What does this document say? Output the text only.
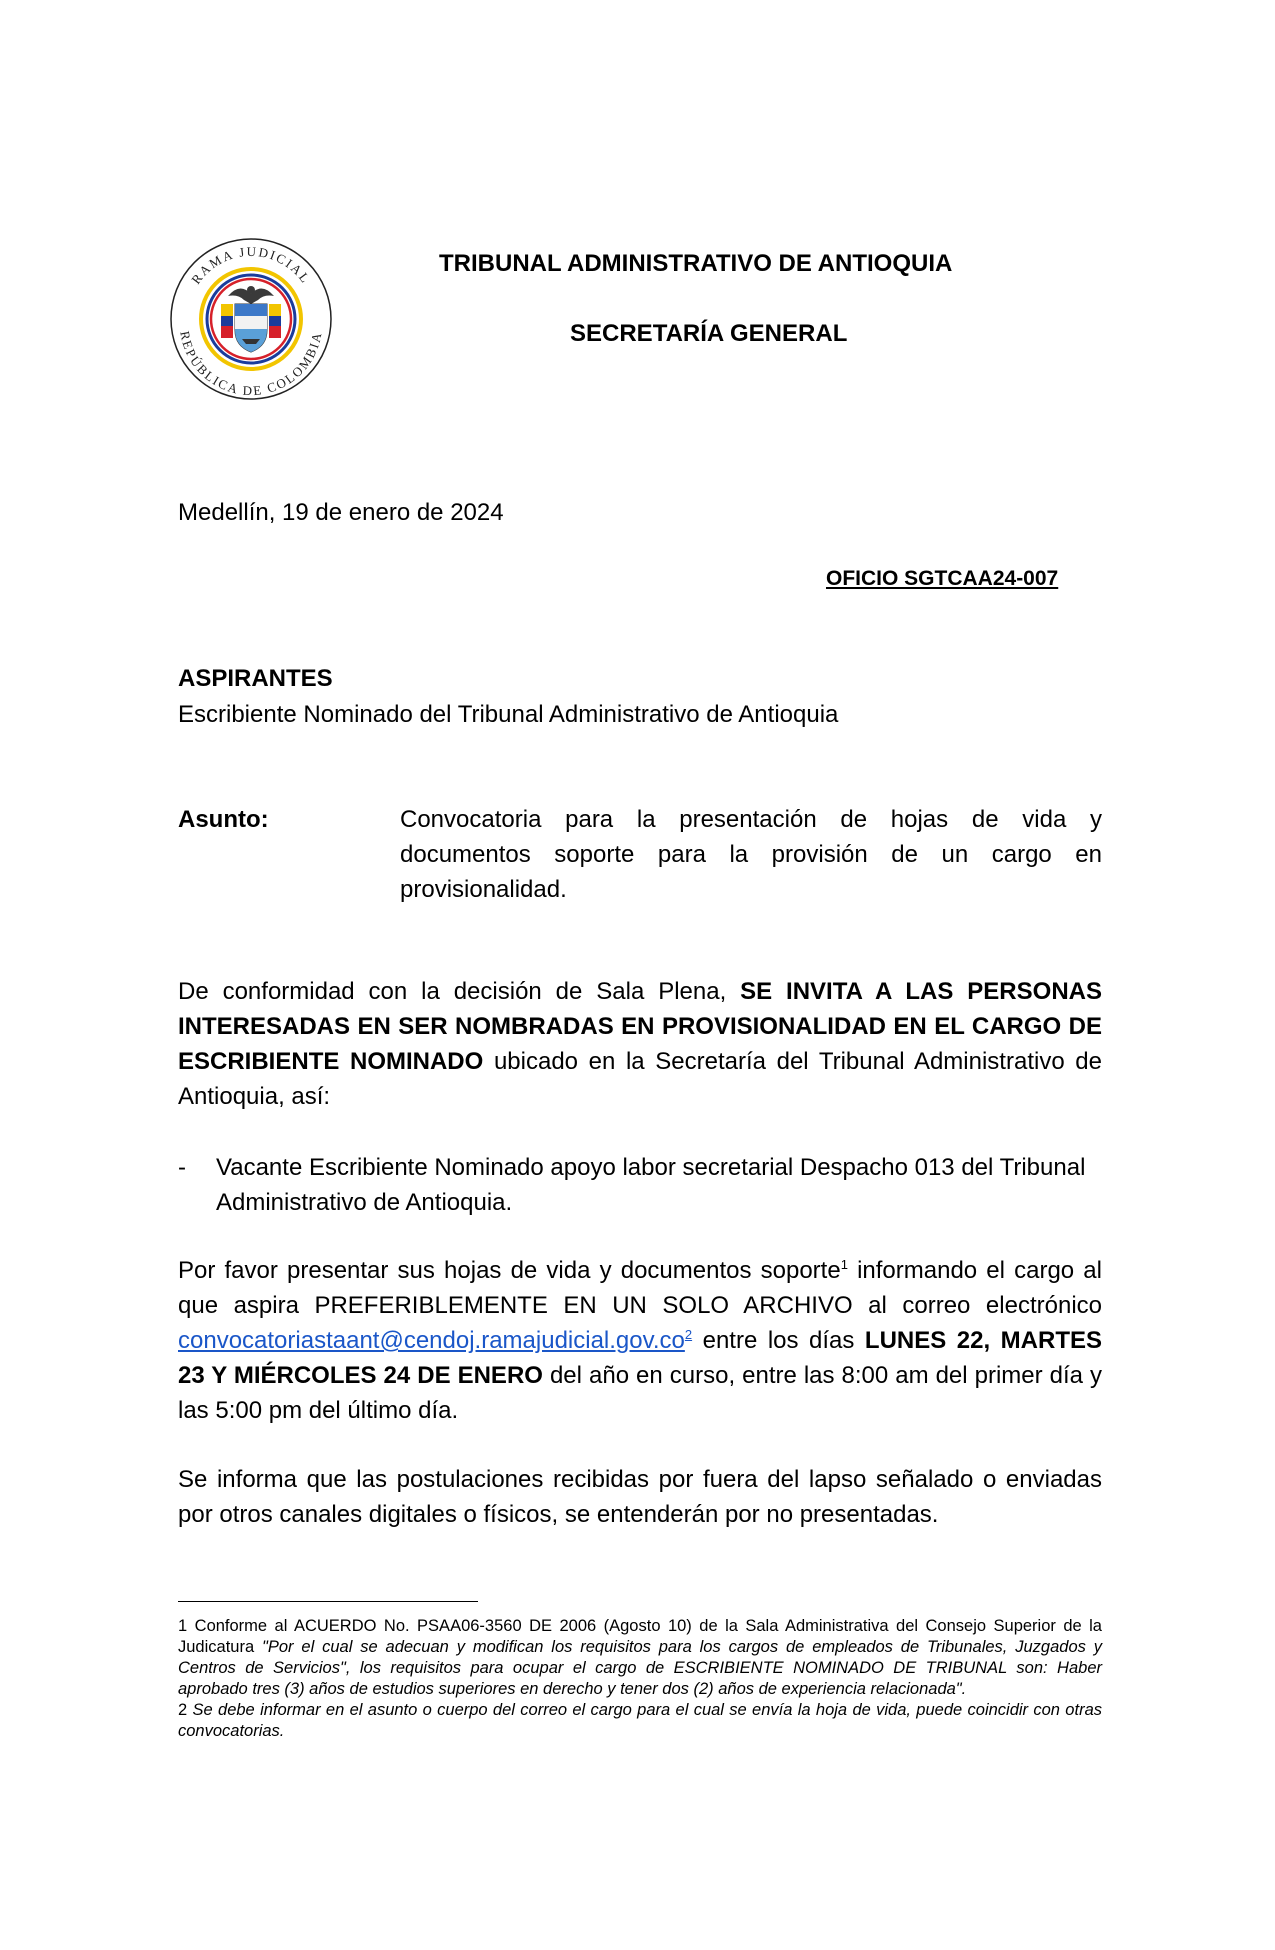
RAMA JUDICIAL
REPÚBLICA DE COLOMBIA
TRIBUNAL ADMINISTRATIVO DE ANTIOQUIA
SECRETARÍA GENERAL
Medellín, 19 de enero de 2024
OFICIO SGTCAA24-007
ASPIRANTES
Escribiente Nominado del Tribunal Administrativo de Antioquia
Asunto:	Convocatoria para la presentación de hojas de vida y documentos soporte para la provisión de un cargo en provisionalidad.
De conformidad con la decisión de Sala Plena, SE INVITA A LAS PERSONAS INTERESADAS EN SER NOMBRADAS EN PROVISIONALIDAD EN EL CARGO DE ESCRIBIENTE NOMINADO ubicado en la Secretaría del Tribunal Administrativo de Antioquia, así:
- Vacante Escribiente Nominado apoyo labor secretarial Despacho 013 del Tribunal Administrativo de Antioquia.
Por favor presentar sus hojas de vida y documentos soporte$^1$ informando el cargo al que aspira PREFERIBLEMENTE EN UN SOLO ARCHIVO al correo electrónico $convocatoriastaant@cendoj.ramajudicial.gov.co^2$ entre los días LUNES 22, MARTES 23 Y MIÉRCOLES 24 DE ENERO del año en curso, entre las 8:00 am del primer día y las 5:00 pm del último día.
Se informa que las postulaciones recibidas por fuera del lapso señalado o enviadas por otros canales digitales o físicos, se entenderán por no presentadas.
1 Conforme al ACUERDO No. PSAA06-3560 DE 2006 (Agosto 10) de la Sala Administrativa del Consejo Superior de la Judicatura "Por el cual se adecuan y modifican los requisitos para los cargos de empleados de Tribunales, Juzgados y Centros de Servicios", los requisitos para ocupar el cargo de ESCRIBIENTE NOMINADO DE TRIBUNAL son: Haber aprobado tres (3) años de estudios superiores en derecho y tener dos (2) años de experiencia relacionada".
2 Se debe informar en el asunto o cuerpo del correo el cargo para el cual se envía la hoja de vida, puede coincidir con otras convocatorias.
